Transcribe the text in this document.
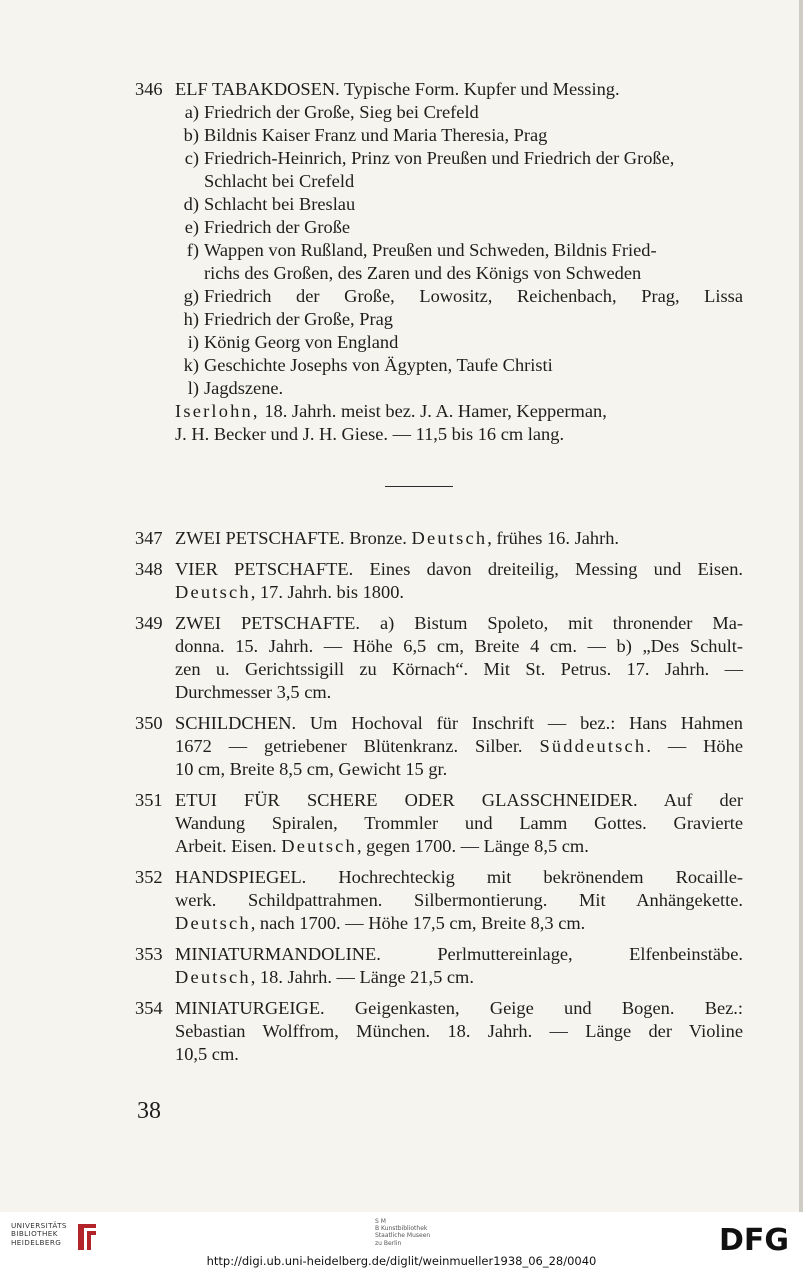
346 ELF TABAKDOSEN. Typische Form. Kupfer und Messing.
a) Friedrich der Große, Sieg bei Crefeld
b) Bildnis Kaiser Franz und Maria Theresia, Prag
c) Friedrich-Heinrich, Prinz von Preußen und Friedrich der Große,
Schlacht bei Crefeld
d) Schlacht bei Breslau
e) Friedrich der Große
f) Wappen von Rußland, Preußen und Schweden, Bildnis Fried-
richs des Großen, des Zaren und des Königs von Schweden
g) Friedrich der Große, Lowositz, Reichenbach, Prag, Lissa
h) Friedrich der Große, Prag
i) König Georg von England
k) Geschichte Josephs von Ägypten, Taufe Christi
l) Jagdszene.
Iserlohn, 18. Jahrh. meist bez. J. A. Hamer, Kepperman,
J. H. Becker und J. H. Giese. — 11,5 bis 16 cm lang.
347 ZWEI PETSCHAFTE. Bronze. Deutsch, frühes 16. Jahrh.
348 VIER PETSCHAFTE. Eines davon dreiteilig, Messing und Eisen.
Deutsch, 17. Jahrh. bis 1800.
349 ZWEI PETSCHAFTE. a) Bistum Spoleto, mit thronender Ma-
donna. 15. Jahrh. — Höhe 6,5 cm, Breite 4 cm. — b) „Des Schult-
zen u. Gerichtssigill zu Körnach“. Mit St. Petrus. 17. Jahrh. —
Durchmesser 3,5 cm.
350 SCHILDCHEN. Um Hochoval für Inschrift — bez.: Hans Hahmen
1672 — getriebener Blütenkranz. Silber. Süddeutsch. — Höhe
10 cm, Breite 8,5 cm, Gewicht 15 gr.
351 ETUI FÜR SCHERE ODER GLASSCHNEIDER. Auf der
Wandung Spiralen, Trommler und Lamm Gottes. Gravierte
Arbeit. Eisen. Deutsch, gegen 1700. — Länge 8,5 cm.
352 HANDSPIEGEL. Hochrechteckig mit bekrönendem Rocaille-
werk. Schildpattrahmen. Silbermontierung. Mit Anhängekette.
Deutsch, nach 1700. — Höhe 17,5 cm, Breite 8,3 cm.
353 MINIATURMANDOLINE. Perlmuttereinlage, Elfenbeinstäbe.
Deutsch, 18. Jahrh. — Länge 21,5 cm.
354 MINIATURGEIGE. Geigenkasten, Geige und Bogen. Bez.:
Sebastian Wolffrom, München. 18. Jahrh. — Länge der Violine
10,5 cm.
38
UNIVERSITÄTS
BIBLIOTHEK
HEIDELBERG
S M
B Kunstbibliothek
Staatliche Museen
zu Berlin	DFG
http://digi.ub.uni-heidelberg.de/diglit/weinmueller1938_06_28/0040
